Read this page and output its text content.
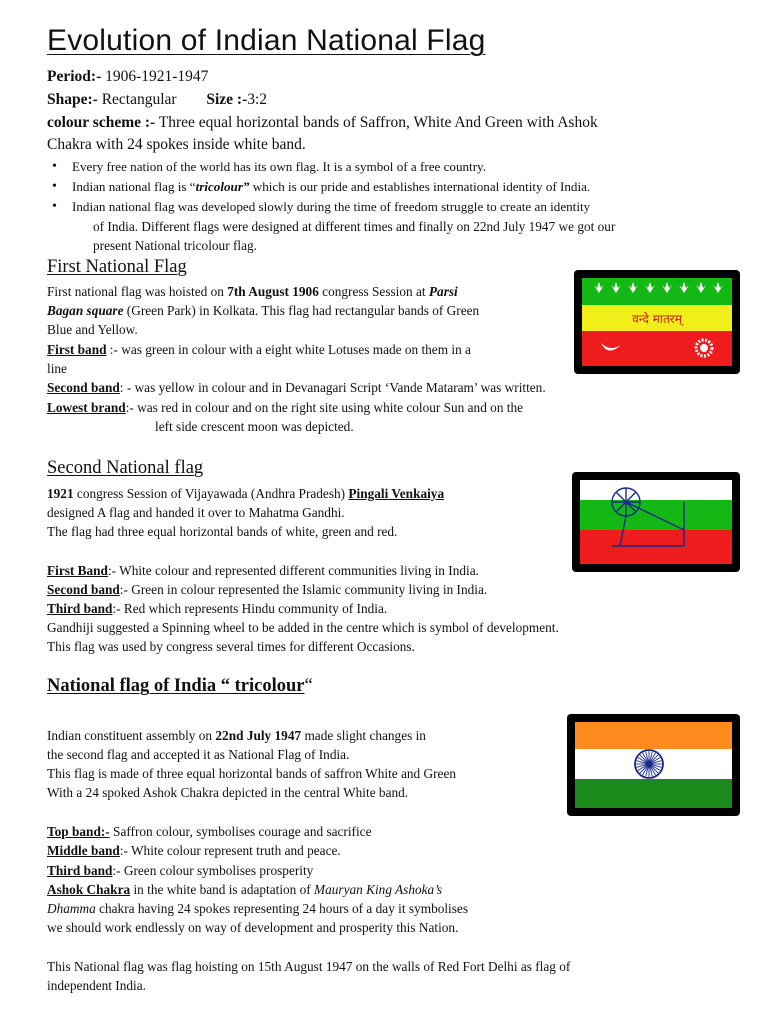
Evolution of Indian National Flag
Period:- 1906-1921-1947
Shape:- Rectangular Size :-3:2
colour scheme :- Three equal horizontal bands of Saffron, White And Green with Ashok
Chakra with 24 spokes inside white band.
• Every free nation of the world has its own flag. It is a symbol of a free country.
• Indian national flag is “tricolour” which is our pride and establishes international identity of India.
• Indian national flag was developed slowly during the time of freedom struggle to create an identity
of India. Different flags were designed at different times and finally on 22nd July 1947 we got our
present National tricolour flag.
First National Flag
First national flag was hoisted on 7th August 1906 congress Session at Parsi
Bagan square (Green Park) in Kolkata. This flag had rectangular bands of Green
Blue and Yellow.
First band :- was green in colour with a eight white Lotuses made on them in a
line
Second band: - was yellow in colour and in Devanagari Script ‘Vande Mataram’ was written.
Lowest brand:- was red in colour and on the right site using white colour Sun and on the
left side crescent moon was depicted.
वन्दे मातरम्
Second National flag
1921 congress Session of Vijayawada (Andhra Pradesh) Pingali Venkaiya
designed A flag and handed it over to Mahatma Gandhi.
The flag had three equal horizontal bands of white, green and red.
First Band:- White colour and represented different communities living in India.
Second band:- Green in colour represented the Islamic community living in India.
Third band:- Red which represents Hindu community of India.
Gandhiji suggested a Spinning wheel to be added in the centre which is symbol of development.
This flag was used by congress several times for different Occasions.
National flag of India “ tricolour“
Indian constituent assembly on 22nd July 1947 made slight changes in
the second flag and accepted it as National Flag of India.
This flag is made of three equal horizontal bands of saffron White and Green
With a 24 spoked Ashok Chakra depicted in the central White band.
Top band:- Saffron colour, symbolises courage and sacrifice
Middle band:- White colour represent truth and peace.
Third band:- Green colour symbolises prosperity
Ashok Chakra in the white band is adaptation of Mauryan King Ashoka’s
Dhamma chakra having 24 spokes representing 24 hours of a day it symbolises
we should work endlessly on way of development and prosperity this Nation.
This National flag was flag hoisting on 15th August 1947 on the walls of Red Fort Delhi as flag of
independent India.
